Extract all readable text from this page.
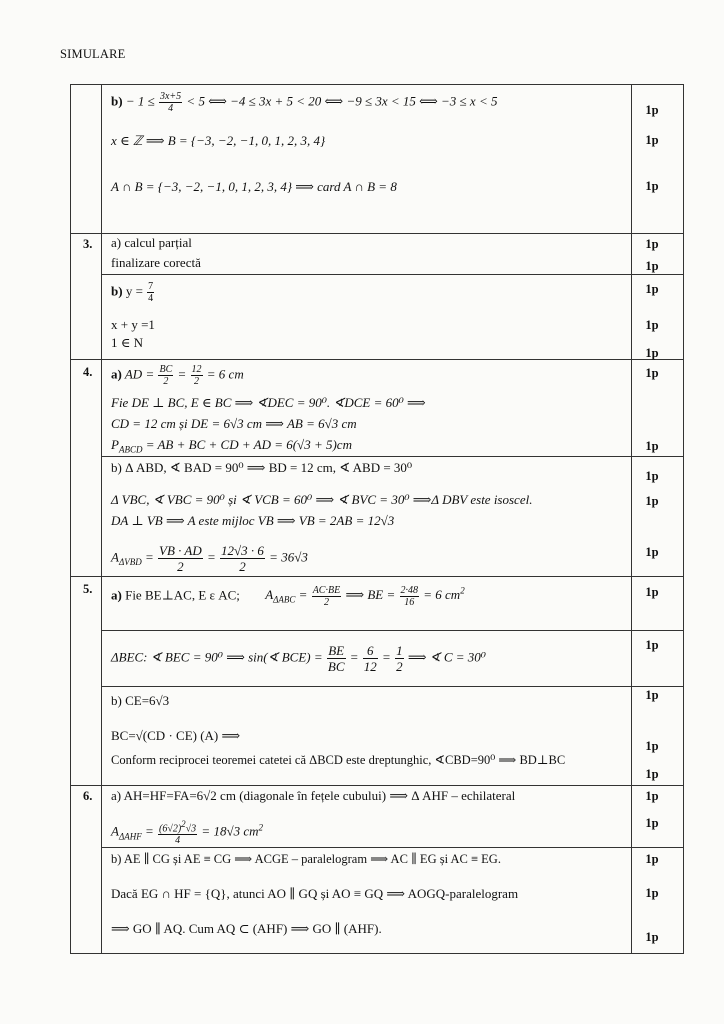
SIMULARE
$b) - 1 \le \frac{3x+5}{4} < 5$ ⟺ −4 ≤ 3x + 5 < 20 ⟺ −9 ≤ 3x < 15 ⟺ −3 ≤ x < 5
x ∈ ℤ ⟹ B = {−3, −2, −1, 0, 1, 2, 3, 4}
A ∩ B = {−3, −2, −1, 0, 1, 2, 3, 4} ⟹ card A ∩ B = 8
1p
1p
1p
3. a) calcul parțial
finalizare corectă
1p
1p
b) $y = \frac{7}{4}$
x + y =1
1 ∈ N
1p
1p
1p
4. a) AD = $\frac{BC}{2} = \frac{12}{2} = 6$ cm
Fie DE ⊥ BC, E ∈ BC ⟹ ∢DEC = 90⁰. ∢DCE = 60⁰ ⟹
CD = 12 cm și DE = 6√3 cm ⟹ AB = 6√3 cm
$P_{ABCD}$ = AB + BC + CD + AD = 6(√3 + 5)cm
1p
1p
b) Δ ABD, ∢ BAD = 90⁰ ⟹ BD = 12 cm, ∢ ABD = 30⁰
Δ VBC, ∢ VBC = 90⁰ și ∢ VCB = 60⁰ ⟹ ∢ BVC = 30⁰ ⟹Δ DBV este isoscel.
DA ⊥ VB ⟹ A este mijloc VB ⟹ VB = 2AB = 12√3
$A_{\Delta VBD} = \frac{VB \cdot AD}{2} = \frac{12√3 \cdot 6}{2} = 36√3$
1p
1p
1p
5. a) Fie BE⊥AC, E ε AC; $A_{\Delta ABC} = \frac{AC\cdot BE}{2}$ ⟹ BE = $\frac{2\cdot 48}{16} = 6$ $cm^2$	1p
ΔBEC: ∢ BEC = 90⁰ ⟹ sin(∢ $BCE) = \frac{BE}{BC} = \frac{6}{12} = \frac{1}{2}$ ⟹ ∢ C = 30⁰
1p
b) CE=6√3
BC=√(CD · CE) (A) ⟹
Conform reciprocei teoremei catetei că ΔBCD este dreptunghic, ∢CBD=90⁰ ⟹ BD⊥BC
1p
1p
1p
6. a) AH=HF=FA=6√2 cm (diagonale în fețele cubului) ⟹ Δ AHF – echilateral
$A_{\Delta AHF} = \frac{(6√2)^2√3}{4} = 18√3$ $cm^2$
1p
1p
b) AE ∥ CG și AE ≡ CG ⟹ ACGE – paralelogram ⟹ AC ∥ EG și AC ≡ EG.
Dacă EG ∩ HF = {Q}, atunci AO ∥ GQ și AO ≡ GQ ⟹ AOGQ-paralelogram
⟹ GO ∥ AQ. Cum AQ ⊂ (AHF) ⟹ GO ∥ (AHF).
1p
1p
1p
